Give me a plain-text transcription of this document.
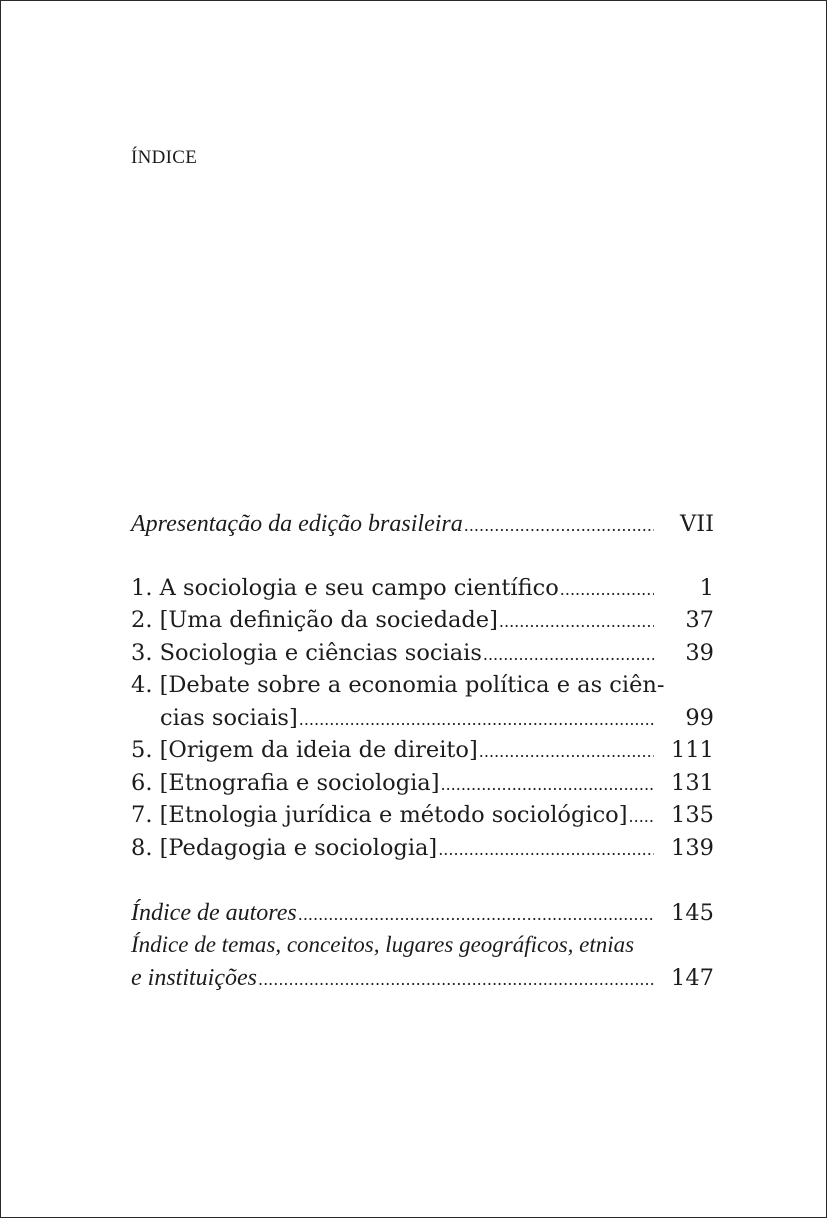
ÍNDICE
Apresentação da edição brasileira .....	VII
1. A sociologia e seu campo científico .....	1
2. [Uma definição da sociedade] .....	37
3. Sociologia e ciências sociais .....	39
4. [Debate sobre a economia política e as ciên-
cias sociais] .....	99
5. [Origem da ideia de direito] .....	111
6. [Etnografia e sociologia] .....	131
7. [Etnologia jurídica e método sociológico] .....	135
8. [Pedagogia e sociologia] .....	139
Índice de autores .....	145
Índice de temas, conceitos, lugares geográficos, etnias
e instituições .....	147
